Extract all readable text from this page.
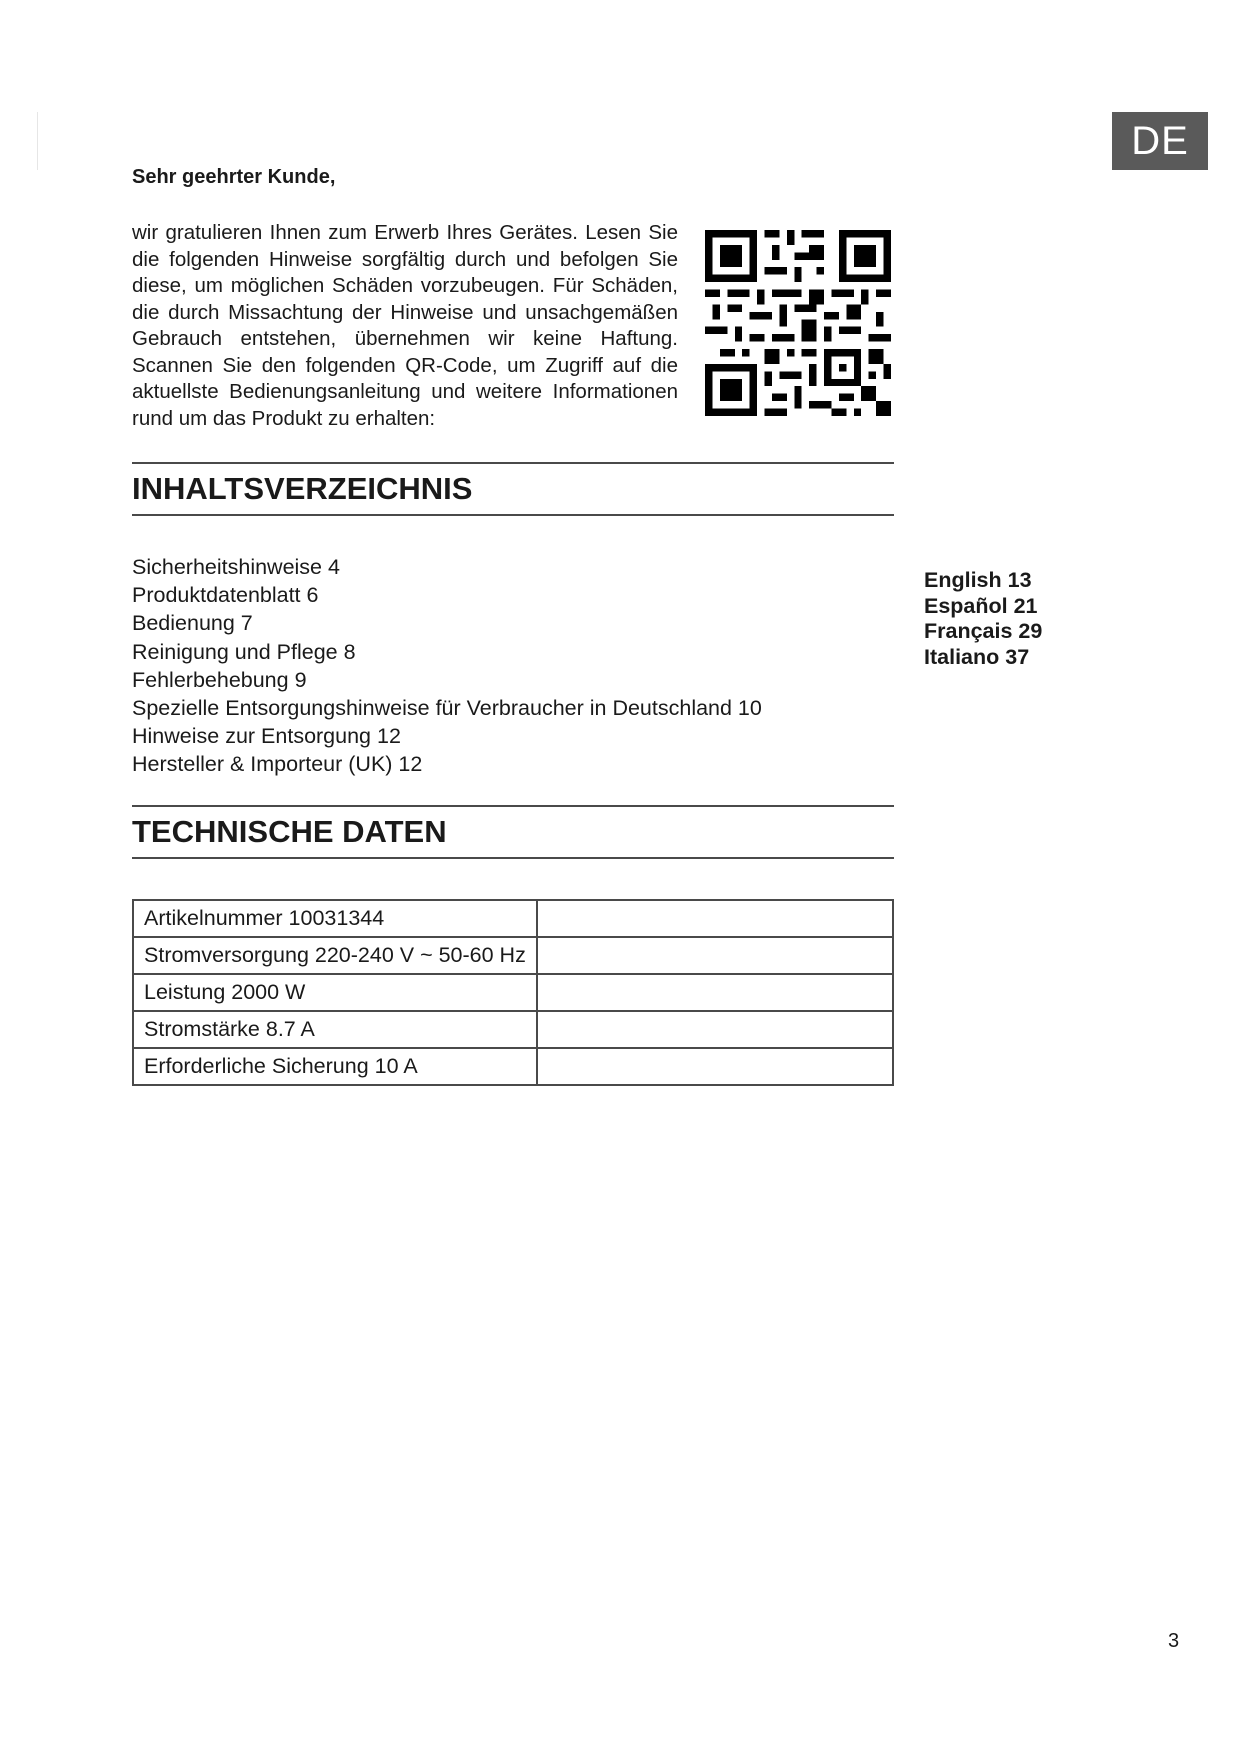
DE
Sehr geehrter Kunde,
wir gratulieren Ihnen zum Erwerb Ihres Gerätes. Lesen Sie die folgenden Hinweise sorgfältig durch und befolgen Sie diese, um möglichen Schäden vorzubeugen. Für Schäden, die durch Missachtung der Hinweise und unsachgemäßen Gebrauch entstehen, übernehmen wir keine Haftung. Scannen Sie den folgenden QR-Code, um Zugriff auf die aktuellste Bedienungsanleitung und weitere Informationen rund um das Produkt zu erhalten:
INHALTSVERZEICHNIS
Sicherheitshinweise 4
Produktdatenblatt 6
Bedienung 7
Reinigung und Pflege 8
Fehlerbehebung 9
Spezielle Entsorgungshinweise für Verbraucher in Deutschland 10
Hinweise zur Entsorgung 12
Hersteller & Importeur (UK) 12
English 13
Español 21
Français 29
Italiano 37
TECHNISCHE DATEN
Artikelnummer 10031344	
Stromversorgung 220-240 V ~ 50-60 Hz	
Leistung 2000 W	
Stromstärke 8.7 A	
Erforderliche Sicherung 10 A	
3
